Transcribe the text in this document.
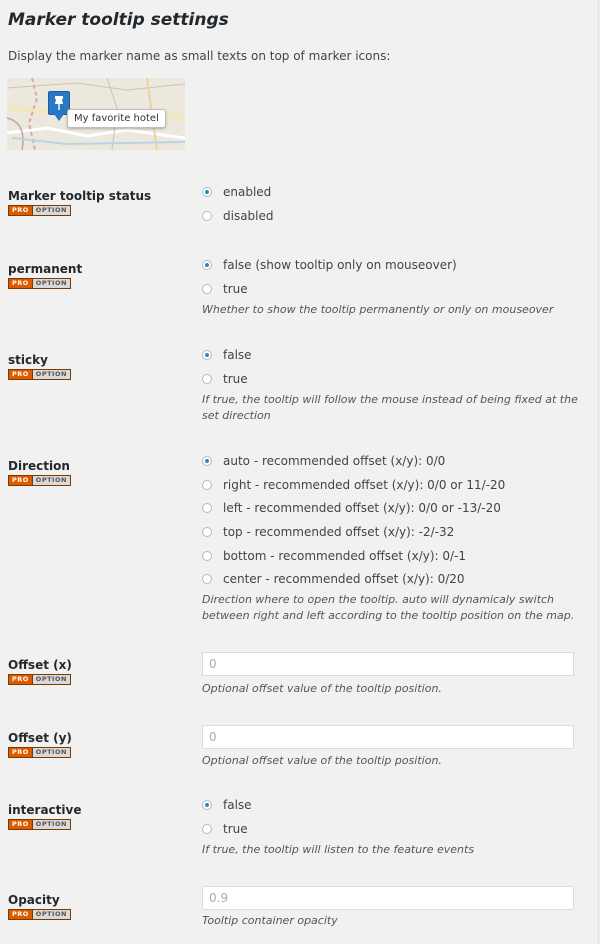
Marker tooltip settings
Display the marker name as small texts on top of marker icons:
My favorite hotel
Marker tooltip status
PRO	OPTION
enabled
disabled
permanent
PRO	OPTION
false (show tooltip only on mouseover)
true
Whether to show the tooltip permanently or only on mouseover
sticky
PRO	OPTION
false
true
If true, the tooltip will follow the mouse instead of being fixed at the set direction
Direction
PRO	OPTION
auto - recommended offset (x/y): 0/0
right - recommended offset (x/y): 0/0 or 11/-20
left - recommended offset (x/y): 0/0 or -13/-20
top - recommended offset (x/y): -2/-32
bottom - recommended offset (x/y): 0/-1
center - recommended offset (x/y): 0/20
Direction where to open the tooltip. auto will dynamicaly switch between right and left according to the tooltip position on the map.
Offset (x)
PRO	OPTION
0
Optional offset value of the tooltip position.
Offset (y)
PRO	OPTION
0
Optional offset value of the tooltip position.
interactive
PRO	OPTION
false
true
If true, the tooltip will listen to the feature events
Opacity
PRO	OPTION
0.9
Tooltip container opacity
